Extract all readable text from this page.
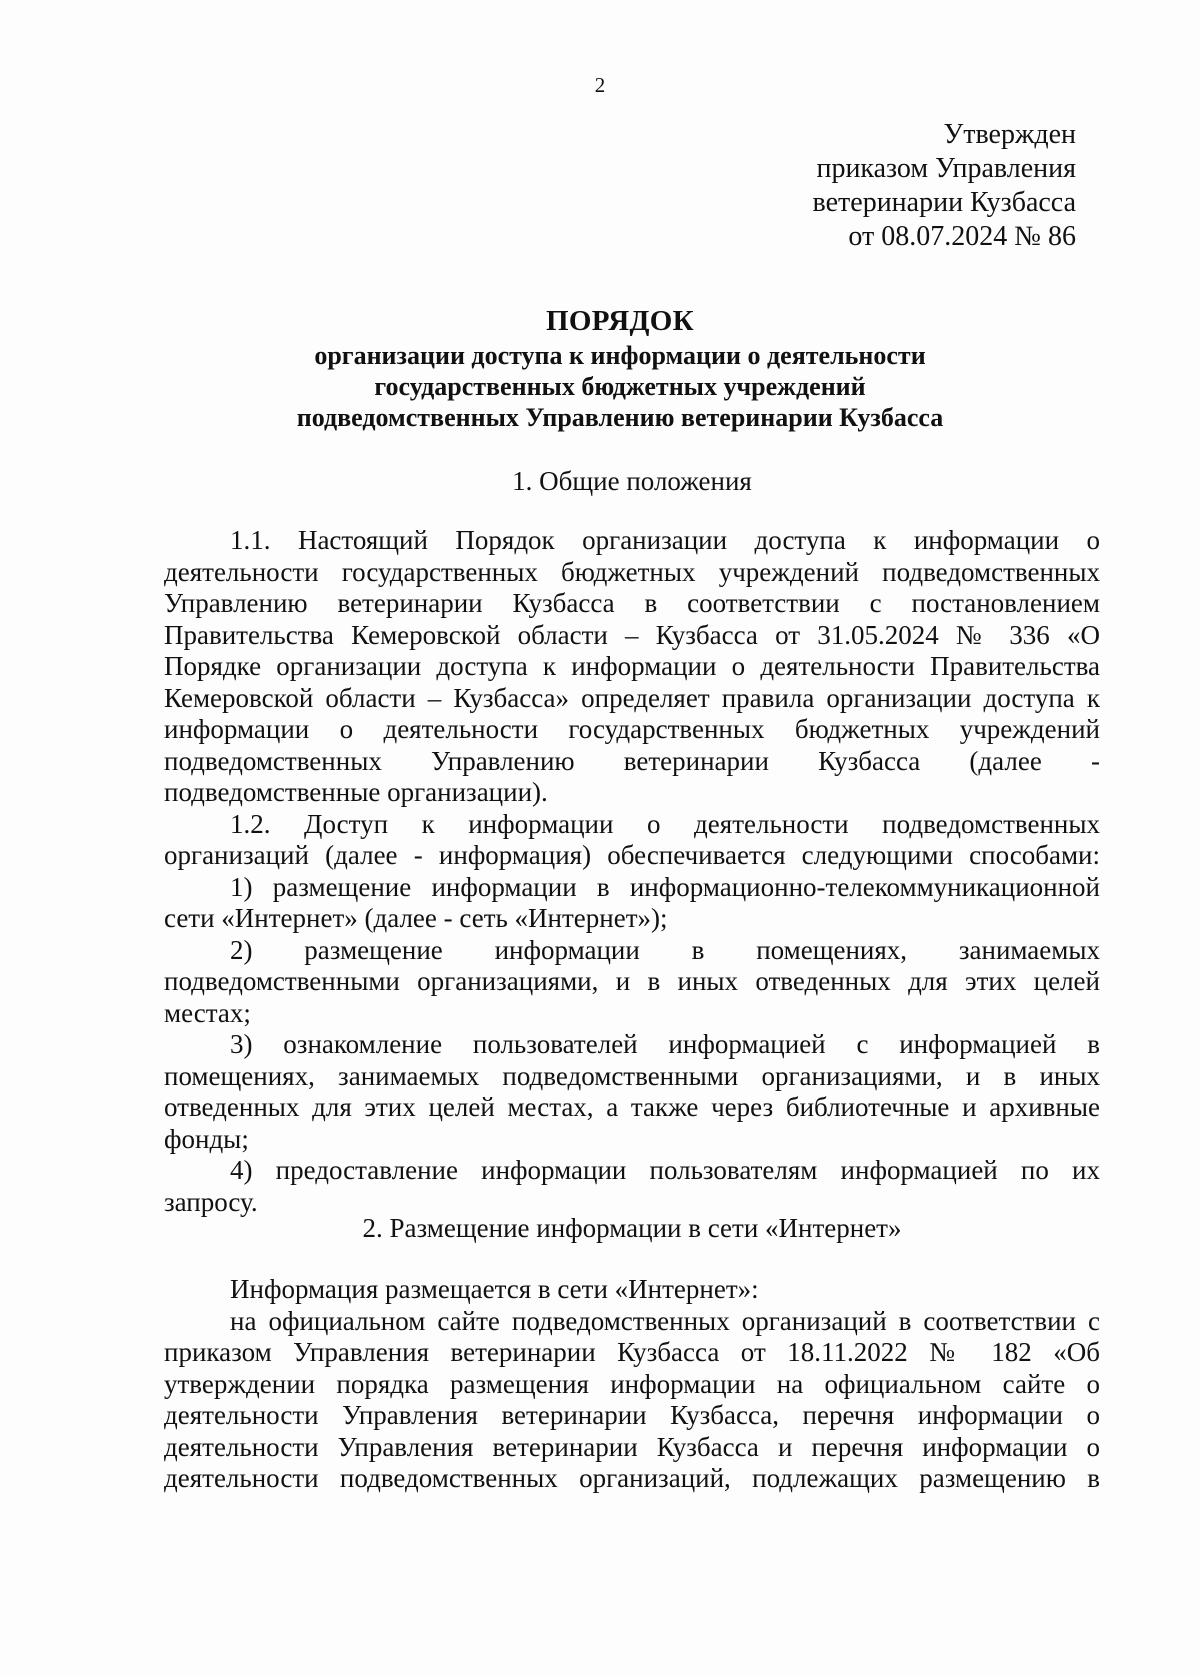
2
Утвержден
приказом Управления
ветеринарии Кузбасса
от 08.07.2024 № 86
ПОРЯДОК
организации доступа к информации о деятельности
государственных бюджетных учреждений
подведомственных Управлению ветеринарии Кузбасса
1. Общие положения
1.1. Настоящий Порядок организации доступа к информации о
деятельности государственных бюджетных учреждений подведомственных
Управлению ветеринарии Кузбасса в соответствии с постановлением
Правительства Кемеровской области – Кузбасса от 31.05.2024 № 336 «О
Порядке организации доступа к информации о деятельности Правительства
Кемеровской области – Кузбасса» определяет правила организации доступа к
информации о деятельности государственных бюджетных учреждений
подведомственных Управлению ветеринарии Кузбасса (далее -
подведомственные организации).
1.2. Доступ к информации о деятельности подведомственных
организаций (далее - информация) обеспечивается следующими способами:
1) размещение информации в информационно-телекоммуникационной
сети «Интернет» (далее - сеть «Интернет»);
2) размещение информации в помещениях, занимаемых
подведомственными организациями, и в иных отведенных для этих целей
местах;
3) ознакомление пользователей информацией с информацией в
помещениях, занимаемых подведомственными организациями, и в иных
отведенных для этих целей местах, а также через библиотечные и архивные
фонды;
4) предоставление информации пользователям информацией по их
запросу.
2. Размещение информации в сети «Интернет»
Информация размещается в сети «Интернет»:
на официальном сайте подведомственных организаций в соответствии с
приказом Управления ветеринарии Кузбасса от 18.11.2022 № 182 «Об
утверждении порядка размещения информации на официальном сайте о
деятельности Управления ветеринарии Кузбасса, перечня информации о
деятельности Управления ветеринарии Кузбасса и перечня информации о
деятельности подведомственных организаций, подлежащих размещению в
